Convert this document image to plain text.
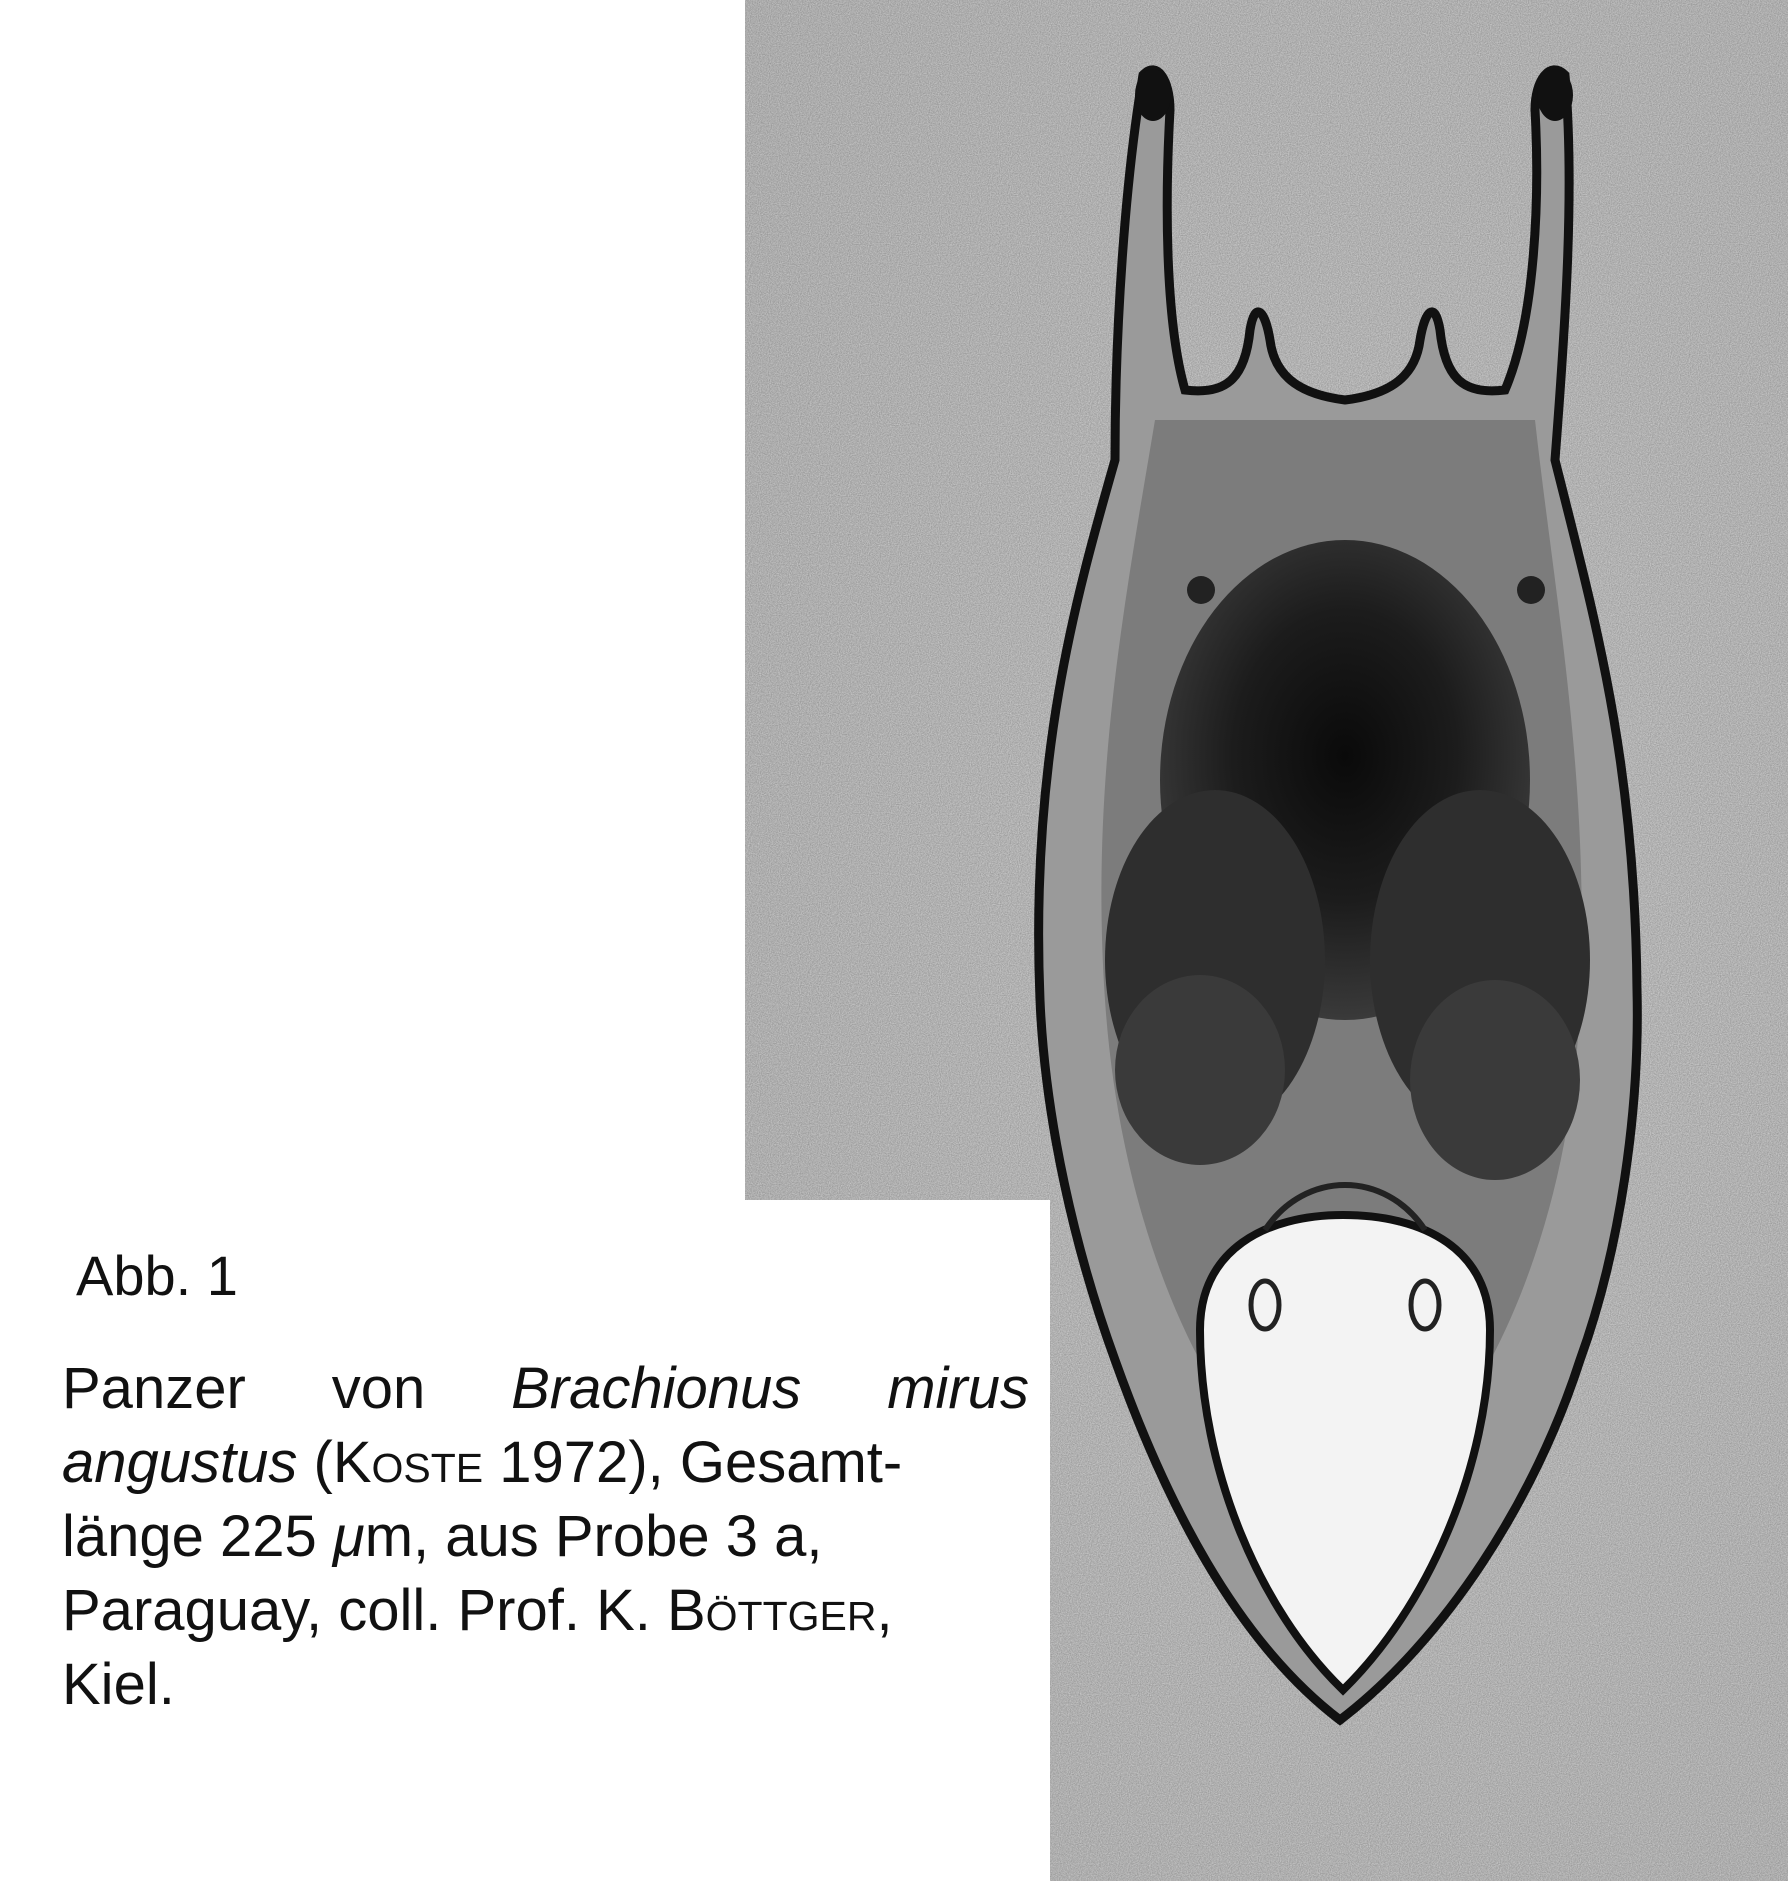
Abb. 1
Panzer von Brachionus mirus
angustus (Koste 1972), Gesamt-
länge 225 μm, aus Probe 3 a,
Paraguay, coll. Prof. K. Böttger,
Kiel.
